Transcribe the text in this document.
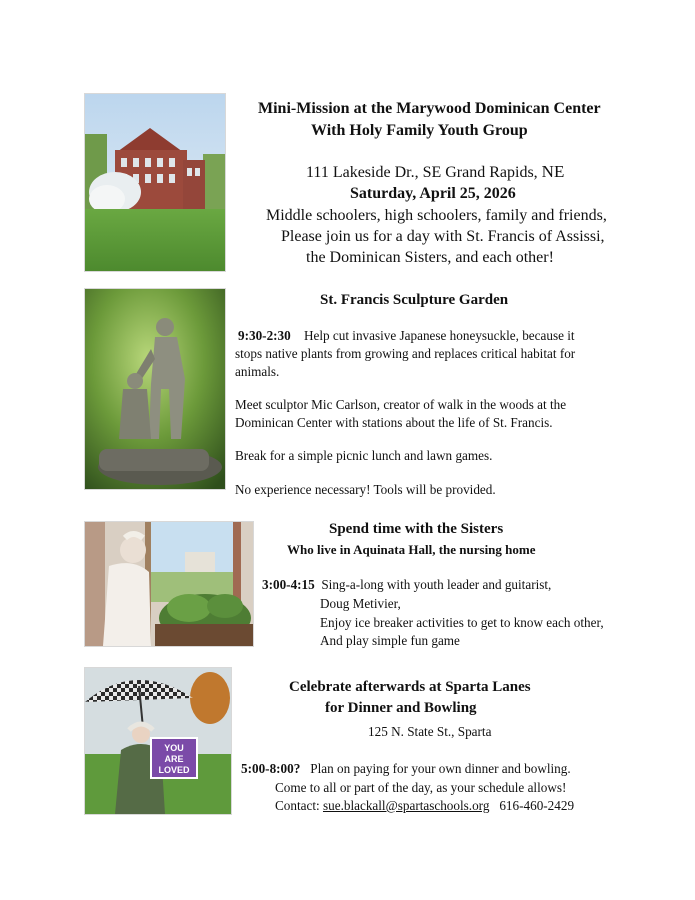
Mini-Mission at the Marywood Dominican Center
With Holy Family Youth Group
111 Lakeside Dr., SE Grand Rapids, NE
Saturday, April 25, 2026
Middle schoolers, high schoolers, family and friends,
Please join us for a day with St. Francis of Assissi,
the Dominican Sisters, and each other!
St. Francis Sculpture Garden
9:30-2:30 Help cut invasive Japanese honeysuckle, because it
stops native plants from growing and replaces critical habitat for
animals.
Meet sculptor Mic Carlson, creator of walk in the woods at the
Dominican Center with stations about the life of St. Francis.
Break for a simple picnic lunch and lawn games.
No experience necessary! Tools will be provided.
Spend time with the Sisters
Who live in Aquinata Hall, the nursing home
3:00-4:15 Sing-a-long with youth leader and guitarist,
Doug Metivier,
Enjoy ice breaker activities to get to know each other,
And play simple fun game
YOU
ARE
LOVED
Celebrate afterwards at Sparta Lanes
for Dinner and Bowling
125 N. State St., Sparta
5:00-8:00? Plan on paying for your own dinner and bowling.
Come to all or part of the day, as your schedule allows!
Contact: sue.blackall@spartaschools.org 616-460-2429
